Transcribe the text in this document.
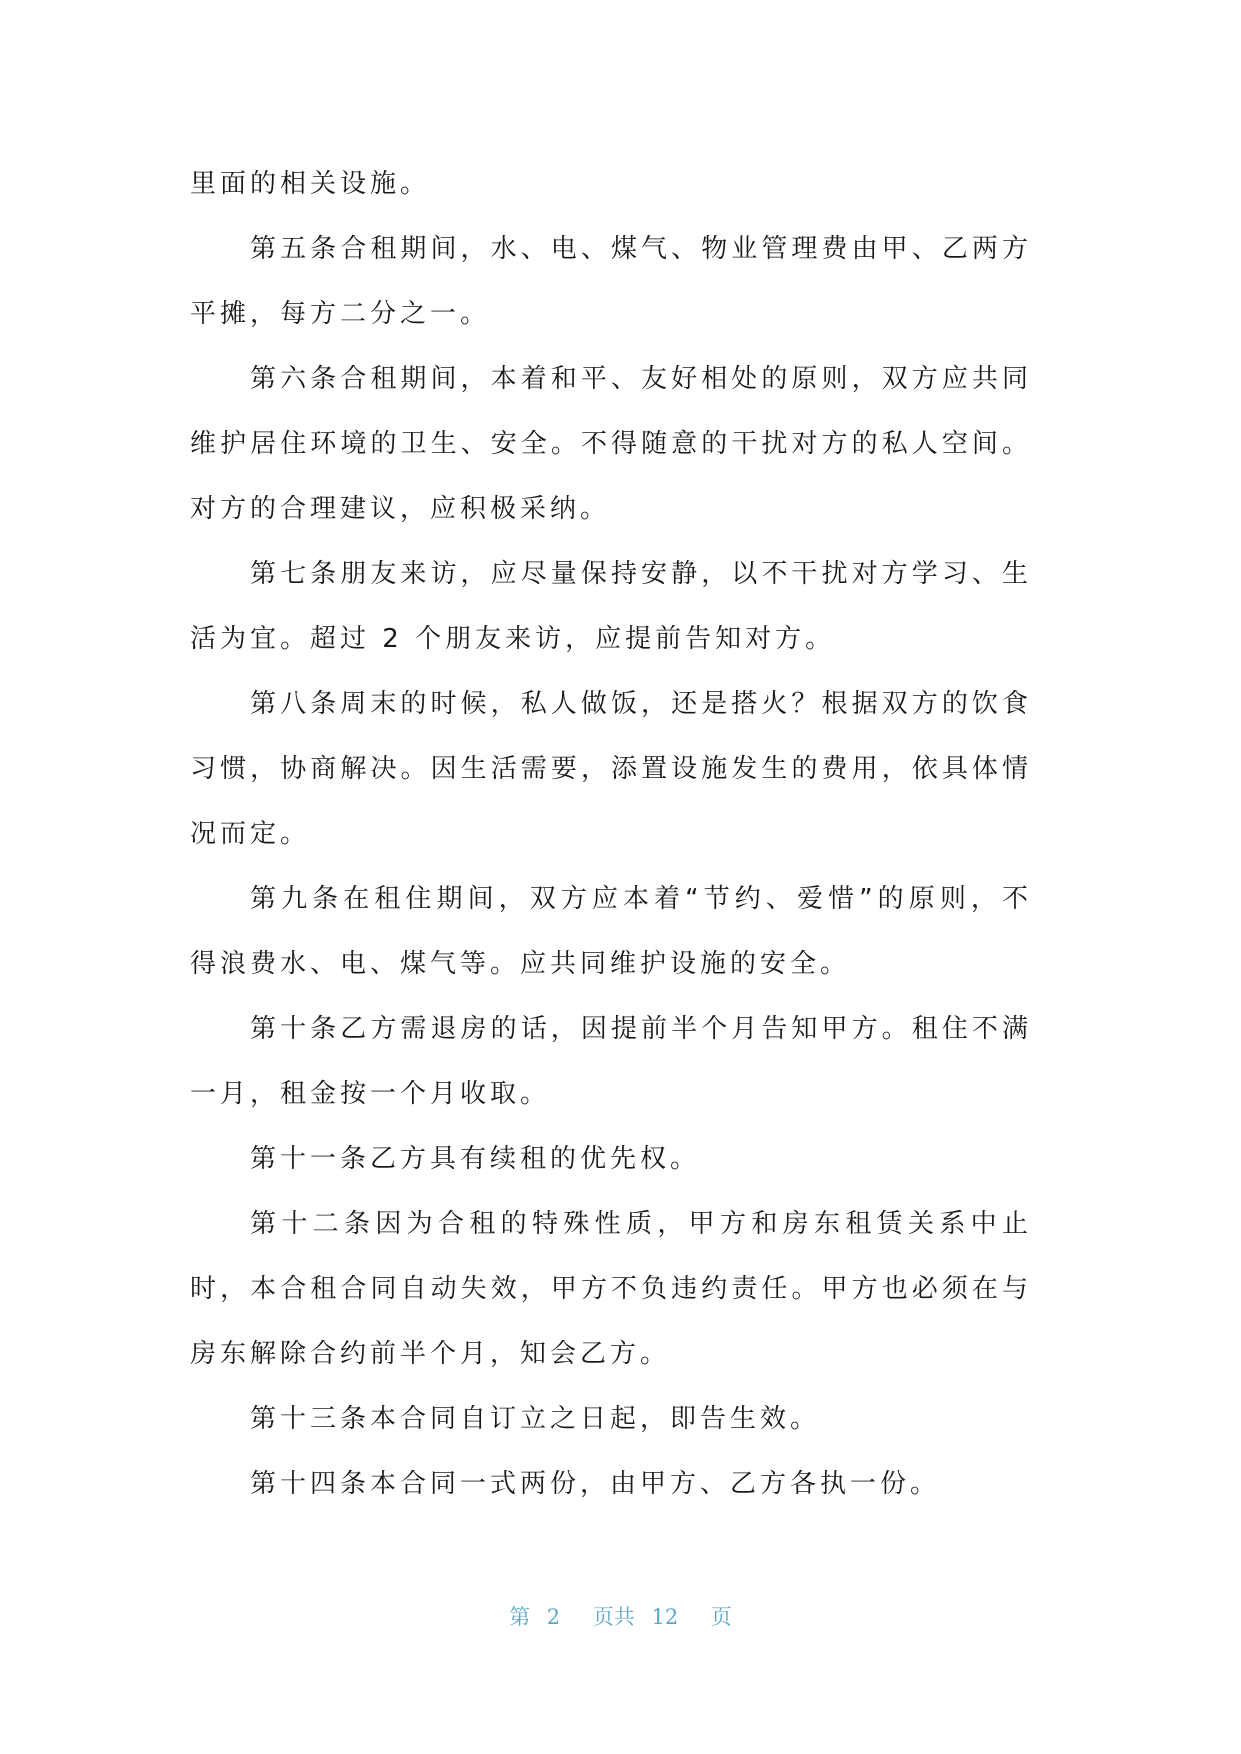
里面的相关设施。

第五条合租期间，水、电、煤气、物业管理费由甲、乙两方平摊，每方二分之一。

第六条合租期间，本着和平、友好相处的原则，双方应共同维护居住环境的卫生、安全。不得随意的干扰对方的私人空间。对方的合理建议，应积极采纳。

第七条朋友来访，应尽量保持安静，以不干扰对方学习、生活为宜。超过 2 个朋友来访，应提前告知对方。

第八条周末的时候，私人做饭，还是搭火？根据双方的饮食习惯，协商解决。因生活需要，添置设施发生的费用，依具体情况而定。

第九条在租住期间，双方应本着“节约、爱惜”的原则，不得浪费水、电、煤气等。应共同维护设施的安全。

第十条乙方需退房的话，因提前半个月告知甲方。租住不满一月，租金按一个月收取。

第十一条乙方具有续租的优先权。

第十二条因为合租的特殊性质，甲方和房东租赁关系中止时，本合租合同自动失效，甲方不负违约责任。甲方也必须在与房东解除合约前半个月，知会乙方。

第十三条本合同自订立之日起，即告生效。

第十四条本合同一式两份，由甲方、乙方各执一份。

第 2 页共 12 页
